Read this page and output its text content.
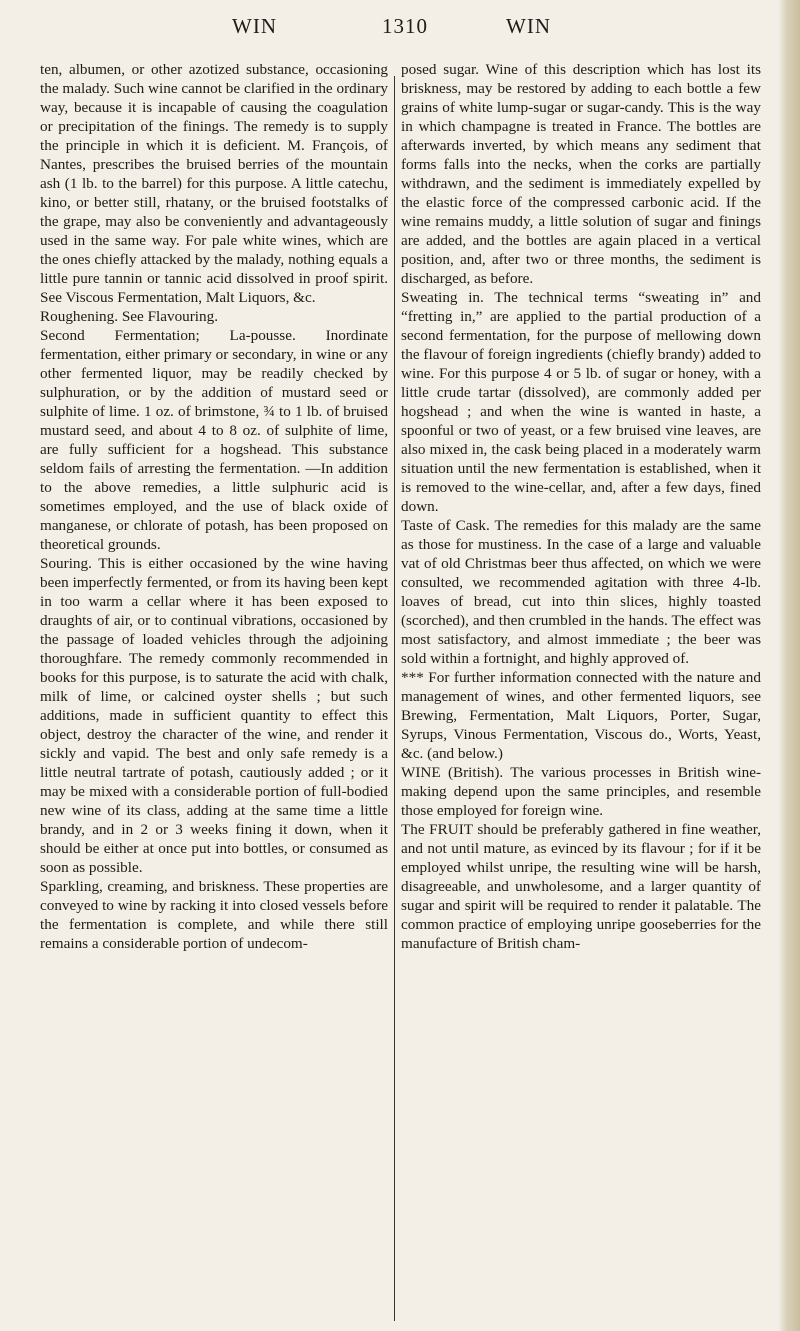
WIN	1310	WIN

ten, albumen, or other azotized substance, occasioning the malady. Such wine cannot be clarified in the ordinary way, because it is incapable of causing the coagulation or precipitation of the finings. The remedy is to supply the principle in which it is deficient. M. François, of Nantes, prescribes the bruised berries of the mountain ash (1 lb. to the barrel) for this purpose. A little catechu, kino, or better still, rhatany, or the bruised footstalks of the grape, may also be conveniently and advantageously used in the same way. For pale white wines, which are the ones chiefly attacked by the malady, nothing equals a little pure tannin or tannic acid dissolved in proof spirit. See Viscous Fermentation, Malt Liquors, &c.

Roughening. See Flavouring.

Second Fermentation; La-pousse. Inordinate fermentation, either primary or secondary, in wine or any other fermented liquor, may be readily checked by sulphuration, or by the addition of mustard seed or sulphite of lime. 1 oz. of brimstone, ¾ to 1 lb. of bruised mustard seed, and about 4 to 8 oz. of sulphite of lime, are fully sufficient for a hogshead. This substance seldom fails of arresting the fermentation. —In addition to the above remedies, a little sulphuric acid is sometimes employed, and the use of black oxide of manganese, or chlorate of potash, has been proposed on theoretical grounds.

Souring. This is either occasioned by the wine having been imperfectly fermented, or from its having been kept in too warm a cellar where it has been exposed to draughts of air, or to continual vibrations, occasioned by the passage of loaded vehicles through the adjoining thoroughfare. The remedy commonly recommended in books for this purpose, is to saturate the acid with chalk, milk of lime, or calcined oyster shells ; but such additions, made in sufficient quantity to effect this object, destroy the character of the wine, and render it sickly and vapid. The best and only safe remedy is a little neutral tartrate of potash, cautiously added ; or it may be mixed with a considerable portion of full-bodied new wine of its class, adding at the same time a little brandy, and in 2 or 3 weeks fining it down, when it should be either at once put into bottles, or consumed as soon as possible.

Sparkling, creaming, and briskness. These properties are conveyed to wine by racking it into closed vessels before the fermentation is complete, and while there still remains a considerable portion of undecom-

posed sugar. Wine of this description which has lost its briskness, may be restored by adding to each bottle a few grains of white lump-sugar or sugar-candy. This is the way in which champagne is treated in France. The bottles are afterwards inverted, by which means any sediment that forms falls into the necks, when the corks are partially withdrawn, and the sediment is immediately expelled by the elastic force of the compressed carbonic acid. If the wine remains muddy, a little solution of sugar and finings are added, and the bottles are again placed in a vertical position, and, after two or three months, the sediment is discharged, as before.

Sweating in. The technical terms “sweating in” and “fretting in,” are applied to the partial production of a second fermentation, for the purpose of mellowing down the flavour of foreign ingredients (chiefly brandy) added to wine. For this purpose 4 or 5 lb. of sugar or honey, with a little crude tartar (dissolved), are commonly added per hogshead ; and when the wine is wanted in haste, a spoonful or two of yeast, or a few bruised vine leaves, are also mixed in, the cask being placed in a moderately warm situation until the new fermentation is established, when it is removed to the wine-cellar, and, after a few days, fined down.

Taste of Cask. The remedies for this malady are the same as those for mustiness. In the case of a large and valuable vat of old Christmas beer thus affected, on which we were consulted, we recommended agitation with three 4-lb. loaves of bread, cut into thin slices, highly toasted (scorched), and then crumbled in the hands. The effect was most satisfactory, and almost immediate ; the beer was sold within a fortnight, and highly approved of.

*** For further information connected with the nature and management of wines, and other fermented liquors, see Brewing, Fermentation, Malt Liquors, Porter, Sugar, Syrups, Vinous Fermentation, Viscous do., Worts, Yeast, &c. (and below.)

WINE (British). The various processes in British wine-making depend upon the same principles, and resemble those employed for foreign wine.

The FRUIT should be preferably gathered in fine weather, and not until mature, as evinced by its flavour ; for if it be employed whilst unripe, the resulting wine will be harsh, disagreeable, and unwholesome, and a larger quantity of sugar and spirit will be required to render it palatable. The common practice of employing unripe gooseberries for the manufacture of British cham-
